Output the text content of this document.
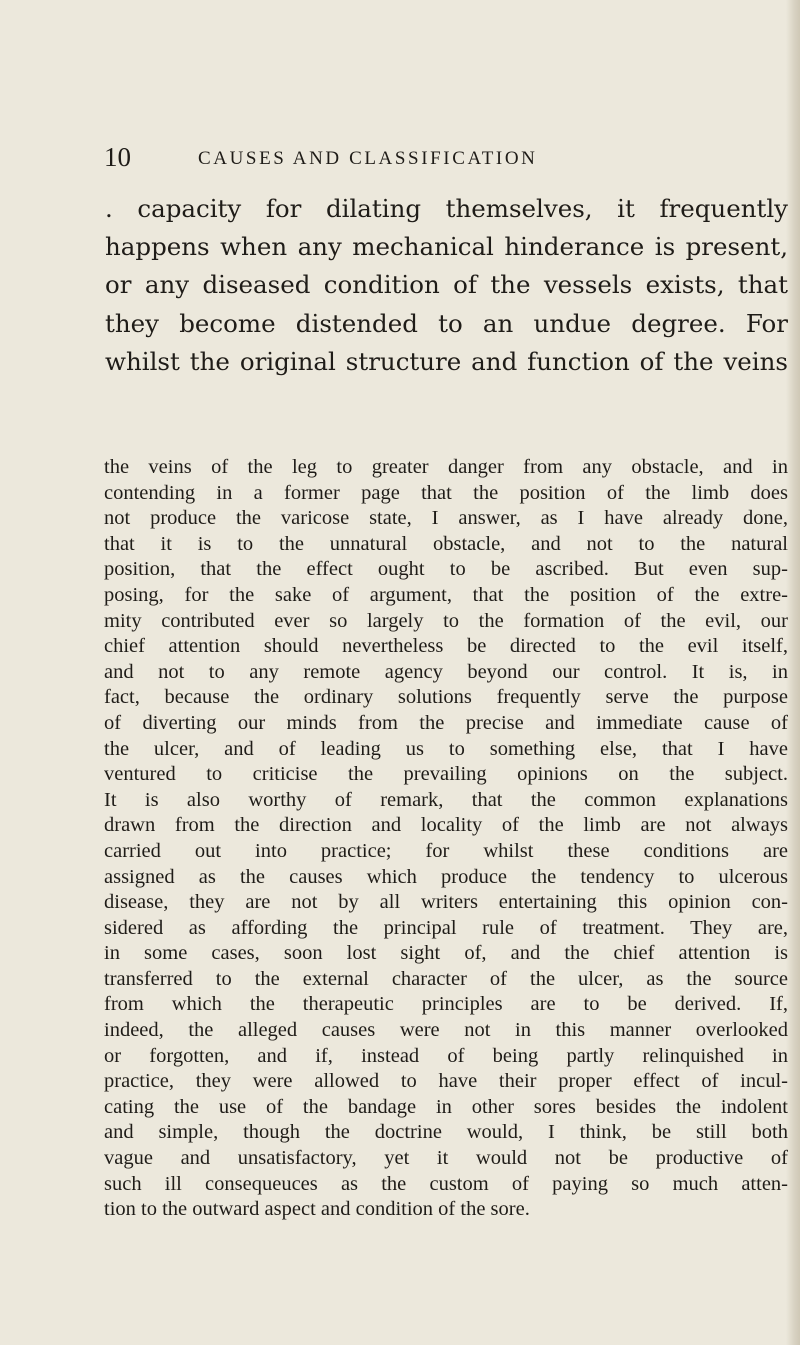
10	CAUSES AND CLASSIFICATION
. capacity for dilating themselves, it frequently
happens when any mechanical hinderance is present,
or any diseased condition of the vessels exists, that
they become distended to an undue degree. For
whilst the original structure and function of the veins
the veins of the leg to greater danger from any obstacle, and in
contending in a former page that the position of the limb does
not produce the varicose state, I answer, as I have already done,
that it is to the unnatural obstacle, and not to the natural
position, that the effect ought to be ascribed. But even sup-
posing, for the sake of argument, that the position of the extre-
mity contributed ever so largely to the formation of the evil, our
chief attention should nevertheless be directed to the evil itself,
and not to any remote agency beyond our control. It is, in
fact, because the ordinary solutions frequently serve the purpose
of diverting our minds from the precise and immediate cause of
the ulcer, and of leading us to something else, that I have
ventured to criticise the prevailing opinions on the subject.
It is also worthy of remark, that the common explanations
drawn from the direction and locality of the limb are not always
carried out into practice; for whilst these conditions are
assigned as the causes which produce the tendency to ulcerous
disease, they are not by all writers entertaining this opinion con-
sidered as affording the principal rule of treatment. They are,
in some cases, soon lost sight of, and the chief attention is
transferred to the external character of the ulcer, as the source
from which the therapeutic principles are to be derived. If,
indeed, the alleged causes were not in this manner overlooked
or forgotten, and if, instead of being partly relinquished in
practice, they were allowed to have their proper effect of incul-
cating the use of the bandage in other sores besides the indolent
and simple, though the doctrine would, I think, be still both
vague and unsatisfactory, yet it would not be productive of
such ill consequeuces as the custom of paying so much atten-
tion to the outward aspect and condition of the sore.
